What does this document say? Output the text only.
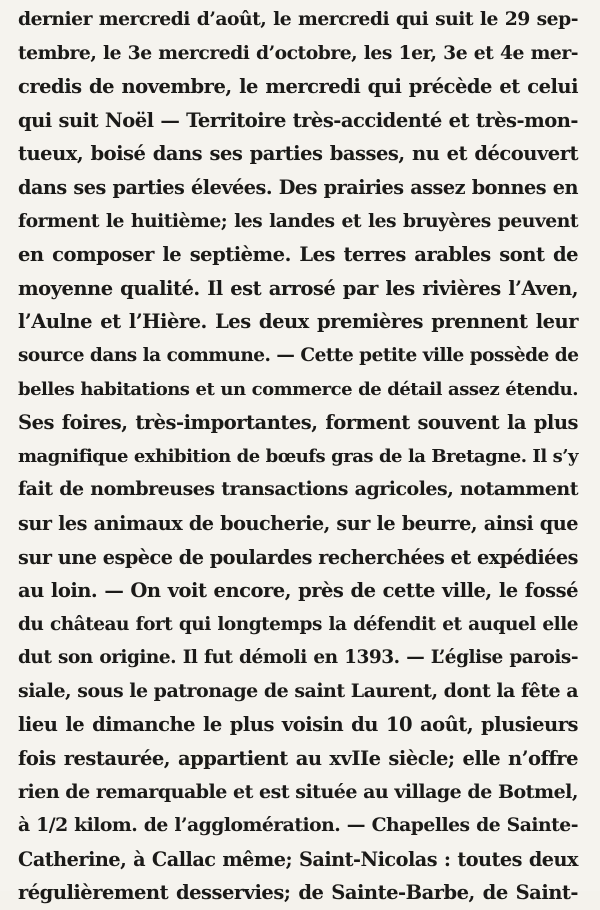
dernier mercredi d’août, le mercredi qui suit le 29 sep-
tembre, le 3e mercredi d’octobre, les 1er, 3e et 4e mer-
credis de novembre, le mercredi qui précède et celui
qui suit Noël — Territoire très-accidenté et très-mon-
tueux, boisé dans ses parties basses, nu et découvert
dans ses parties élevées. Des prairies assez bonnes en
forment le huitième; les landes et les bruyères peuvent
en composer le septième. Les terres arables sont de
moyenne qualité. Il est arrosé par les rivières l’Aven,
l’Aulne et l’Hière. Les deux premières prennent leur
source dans la commune. — Cette petite ville possède de
belles habitations et un commerce de détail assez étendu.
Ses foires, très-importantes, forment souvent la plus
magnifique exhibition de bœufs gras de la Bretagne. Il s’y
fait de nombreuses transactions agricoles, notamment
sur les animaux de boucherie, sur le beurre, ainsi que
sur une espèce de poulardes recherchées et expédiées
au loin. — On voit encore, près de cette ville, le fossé
du château fort qui longtemps la défendit et auquel elle
dut son origine. Il fut démoli en 1393. — L’église parois-
siale, sous le patronage de saint Laurent, dont la fête a
lieu le dimanche le plus voisin du 10 août, plusieurs
fois restaurée, appartient au xvIIe siècle; elle n’offre
rien de remarquable et est située au village de Botmel,
à 1/2 kilom. de l’agglomération. — Chapelles de Sainte-
Catherine, à Callac même; Saint-Nicolas : toutes deux
régulièrement desservies; de Sainte-Barbe, de Saint-
